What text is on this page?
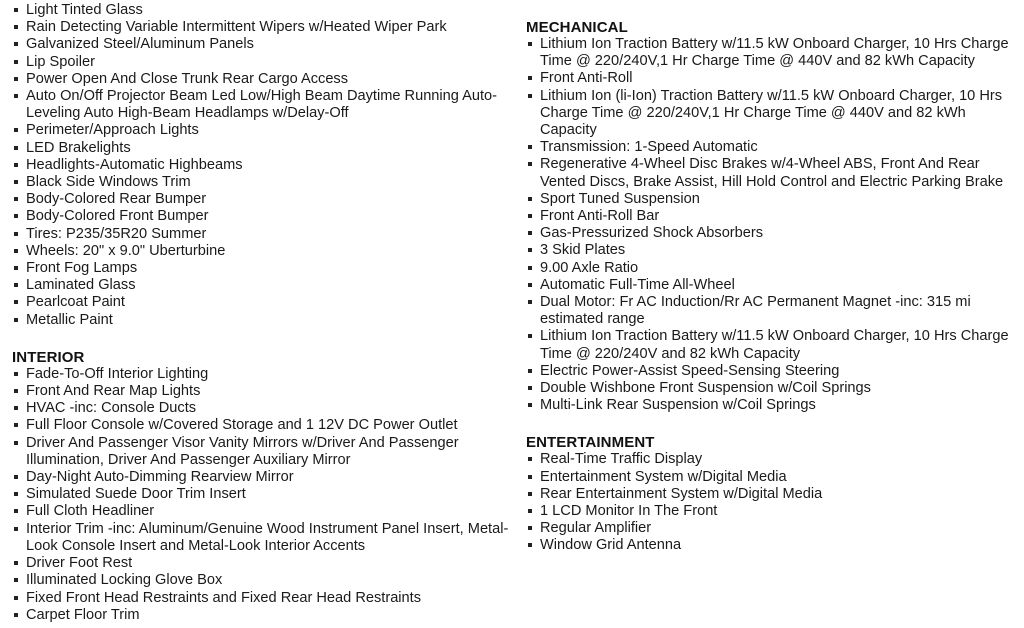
Light Tinted Glass
Rain Detecting Variable Intermittent Wipers w/Heated Wiper Park
Galvanized Steel/Aluminum Panels
Lip Spoiler
Power Open And Close Trunk Rear Cargo Access
Auto On/Off Projector Beam Led Low/High Beam Daytime Running Auto-Leveling Auto High-Beam Headlamps w/Delay-Off
Perimeter/Approach Lights
LED Brakelights
Headlights-Automatic Highbeams
Black Side Windows Trim
Body-Colored Rear Bumper
Body-Colored Front Bumper
Tires: P235/35R20 Summer
Wheels: 20" x 9.0" Uberturbine
Front Fog Lamps
Laminated Glass
Pearlcoat Paint
Metallic Paint
INTERIOR
Fade-To-Off Interior Lighting
Front And Rear Map Lights
HVAC -inc: Console Ducts
Full Floor Console w/Covered Storage and 1 12V DC Power Outlet
Driver And Passenger Visor Vanity Mirrors w/Driver And Passenger Illumination, Driver And Passenger Auxiliary Mirror
Day-Night Auto-Dimming Rearview Mirror
Simulated Suede Door Trim Insert
Full Cloth Headliner
Interior Trim -inc: Aluminum/Genuine Wood Instrument Panel Insert, Metal-Look Console Insert and Metal-Look Interior Accents
Driver Foot Rest
Illuminated Locking Glove Box
Fixed Front Head Restraints and Fixed Rear Head Restraints
Carpet Floor Trim
MECHANICAL
Lithium Ion Traction Battery w/11.5 kW Onboard Charger, 10 Hrs Charge Time @ 220/240V,1 Hr Charge Time @ 440V and 82 kWh Capacity
Front Anti-Roll
Lithium Ion (li-Ion) Traction Battery w/11.5 kW Onboard Charger, 10 Hrs Charge Time @ 220/240V,1 Hr Charge Time @ 440V and 82 kWh Capacity
Transmission: 1-Speed Automatic
Regenerative 4-Wheel Disc Brakes w/4-Wheel ABS, Front And Rear Vented Discs, Brake Assist, Hill Hold Control and Electric Parking Brake
Sport Tuned Suspension
Front Anti-Roll Bar
Gas-Pressurized Shock Absorbers
3 Skid Plates
9.00 Axle Ratio
Automatic Full-Time All-Wheel
Dual Motor: Fr AC Induction/Rr AC Permanent Magnet -inc: 315 mi estimated range
Lithium Ion Traction Battery w/11.5 kW Onboard Charger, 10 Hrs Charge Time @ 220/240V and 82 kWh Capacity
Electric Power-Assist Speed-Sensing Steering
Double Wishbone Front Suspension w/Coil Springs
Multi-Link Rear Suspension w/Coil Springs
ENTERTAINMENT
Real-Time Traffic Display
Entertainment System w/Digital Media
Rear Entertainment System w/Digital Media
1 LCD Monitor In The Front
Regular Amplifier
Window Grid Antenna
